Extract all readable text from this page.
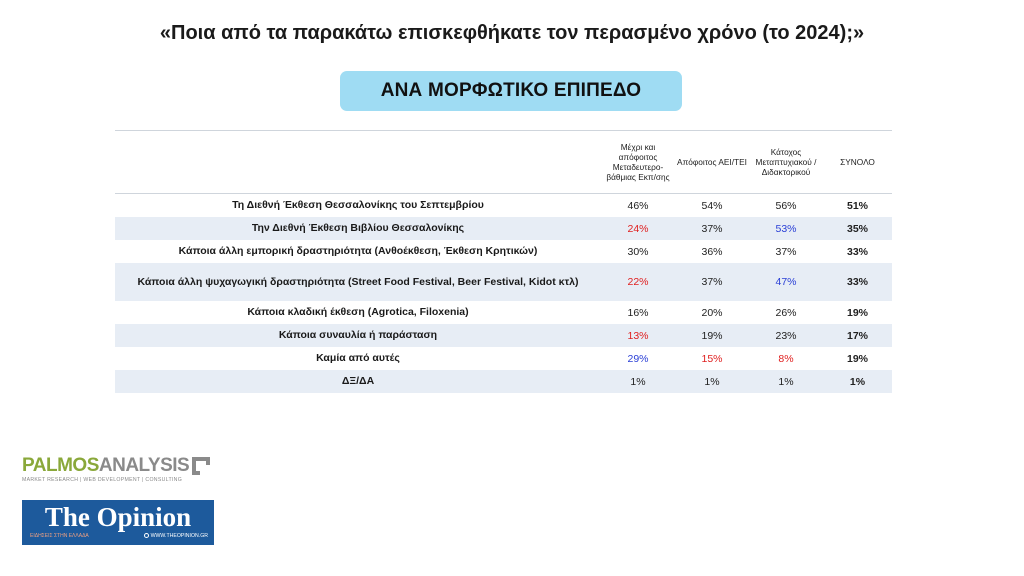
«Ποια από τα παρακάτω επισκεφθήκατε τον περασμένο χρόνο (το 2024);»
ΑΝΑ ΜΟΡΦΩΤΙΚΟ ΕΠΙΠΕΔΟ
	Μέχρι και απόφοιτος Μεταδευτερο-βάθμιας Εκπ/σης	Απόφοιτος ΑΕΙ/ΤΕΙ	Κάτοχος Μεταπτυχιακού / Διδακτορικού	ΣΥΝΟΛΟ
Τη Διεθνή Έκθεση Θεσσαλονίκης του Σεπτεμβρίου	46%	54%	56%	51%
Την Διεθνή Έκθεση Βιβλίου Θεσσαλονίκης	24%	37%	53%	35%
Κάποια άλλη εμπορική δραστηριότητα (Ανθοέκθεση, Έκθεση Κρητικών)	30%	36%	37%	33%
Κάποια άλλη ψυχαγωγική δραστηριότητα (Street Food Festival, Beer Festival, Kidot κτλ)	22%	37%	47%	33%
Κάποια κλαδική έκθεση (Agrotica, Filoxenia)	16%	20%	26%	19%
Κάποια συναυλία ή παράσταση	13%	19%	23%	17%
Καμία από αυτές	29%	15%	8%	19%
ΔΞ/ΔΑ	1%	1%	1%	1%
PALMOSANALYSIS
MARKET RESEARCH | WEB DEVELOPMENT | CONSULTING
The Opinion
ΕΙΔΗΣΕΙΣ ΣΤΗΝ ΕΛΛΑΔΑ	WWW.THEOPINION.GR
